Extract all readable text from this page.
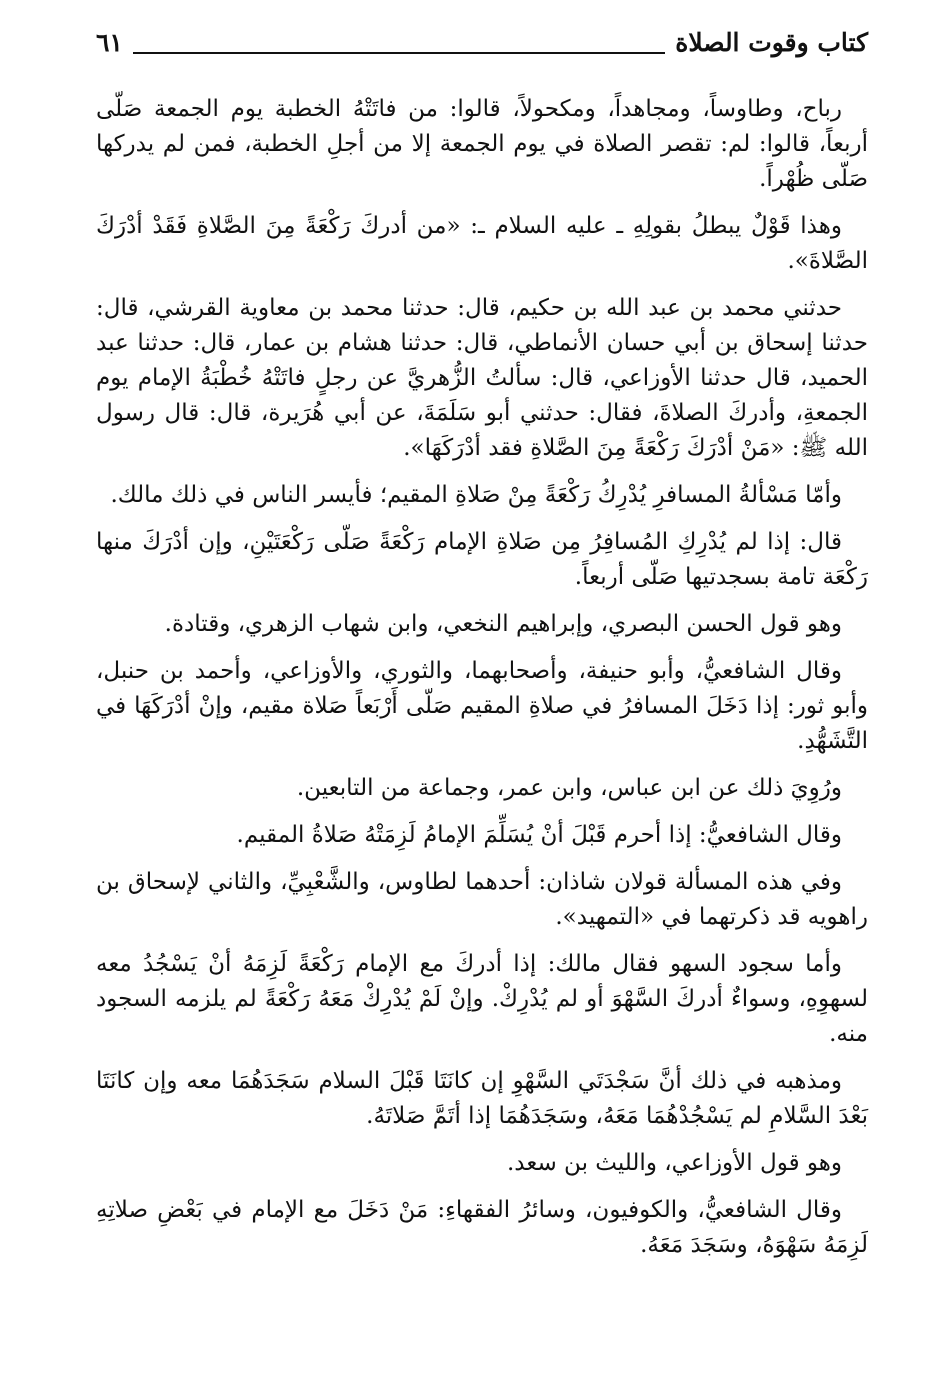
كتاب وقوت الصلاة
٦١

رباح، وطاوساً، ومجاهداً، ومكحولاً، قالوا: من فاتَتْهُ الخطبة يوم الجمعة صَلّى أربعاً، قالوا: لم: تقصر الصلاة في يوم الجمعة إلا من أجلِ الخطبة، فمن لم يدركها صَلّى ظُهْراً.

وهذا قَوْلٌ يبطلُ بقولِهِ ـ عليه السلام ـ: «من أدركَ رَكْعَةً مِنَ الصَّلاةِ فَقَدْ أدْرَكَ الصَّلاةَ».

حدثني محمد بن عبد الله بن حكيم، قال: حدثنا محمد بن معاوية القرشي، قال: حدثنا إسحاق بن أبي حسان الأنماطي، قال: حدثنا هشام بن عمار، قال: حدثنا عبد الحميد، قال حدثنا الأوزاعي، قال: سألتُ الزُّهريَّ عن رجلٍ فاتَتْهُ خُطْبَةُ الإمام يوم الجمعةِ، وأدركَ الصلاةَ، فقال: حدثني أبو سَلَمَةَ، عن أبي هُرَيرة، قال: قال رسول الله ﷺ: «مَنْ أدْرَكَ رَكْعَةً مِنَ الصَّلاةِ فقد أدْرَكَهَا».

وأمّا مَسْألةُ المسافرِ يُدْرِكُ رَكْعَةً مِنْ صَلاةِ المقيم؛ فأيسر الناس في ذلك مالك.

قال: إذا لم يُدْرِكِ المُسافِرُ مِن صَلاةِ الإمام رَكْعَةً صَلّى رَكْعَتَيْنِ، وإن أدْرَكَ منها رَكْعَة تامة بسجدتيها صَلّى أربعاً.

وهو قول الحسن البصري، وإبراهيم النخعي، وابن شهاب الزهري، وقتادة.

وقال الشافعيُّ، وأبو حنيفة، وأصحابهما، والثوري، والأوزاعي، وأحمد بن حنبل، وأبو ثور: إذا دَخَلَ المسافرُ في صلاةِ المقيم صَلّى أَرْبَعاً صَلاة مقيم، وإنْ أدْرَكَهَا في التَّشَهُّدِ.

ورُوِيَ ذلك عن ابن عباس، وابن عمر، وجماعة من التابعين.

وقال الشافعيُّ: إذا أحرم قَبْلَ أنْ يُسَلِّمَ الإمامُ لَزِمَتْهُ صَلاةُ المقيم.

وفي هذه المسألة قولان شاذان: أحدهما لطاوس، والشَّعْبِيِّ، والثاني لإسحاق بن راهويه قد ذكرتهما في «التمهيد».

وأما سجود السهو فقال مالك: إذا أدركَ مع الإمام رَكْعَةً لَزِمَهُ أنْ يَسْجُدُ معه لسهوِهِ، وسواءٌ أدركَ السَّهْوَ أو لم يُدْرِكْ. وإنْ لَمْ يُدْرِكْ مَعَهُ رَكْعَةً لم يلزمه السجود منه.

ومذهبه في ذلك أنَّ سَجْدَتَي السَّهْوِ إن كانَتَا قَبْلَ السلام سَجَدَهُمَا معه وإن كانَتَا بَعْدَ السَّلامِ لم يَسْجُدْهُمَا مَعَهُ، وسَجَدَهُمَا إذا أتَمَّ صَلاتَهُ.

وهو قول الأوزاعي، والليث بن سعد.

وقال الشافعيُّ، والكوفيون، وسائرُ الفقهاءِ: مَنْ دَخَلَ مع الإمام في بَعْضِ صلاتِهِ لَزِمَهُ سَهْوَهُ، وسَجَدَ مَعَهُ.
